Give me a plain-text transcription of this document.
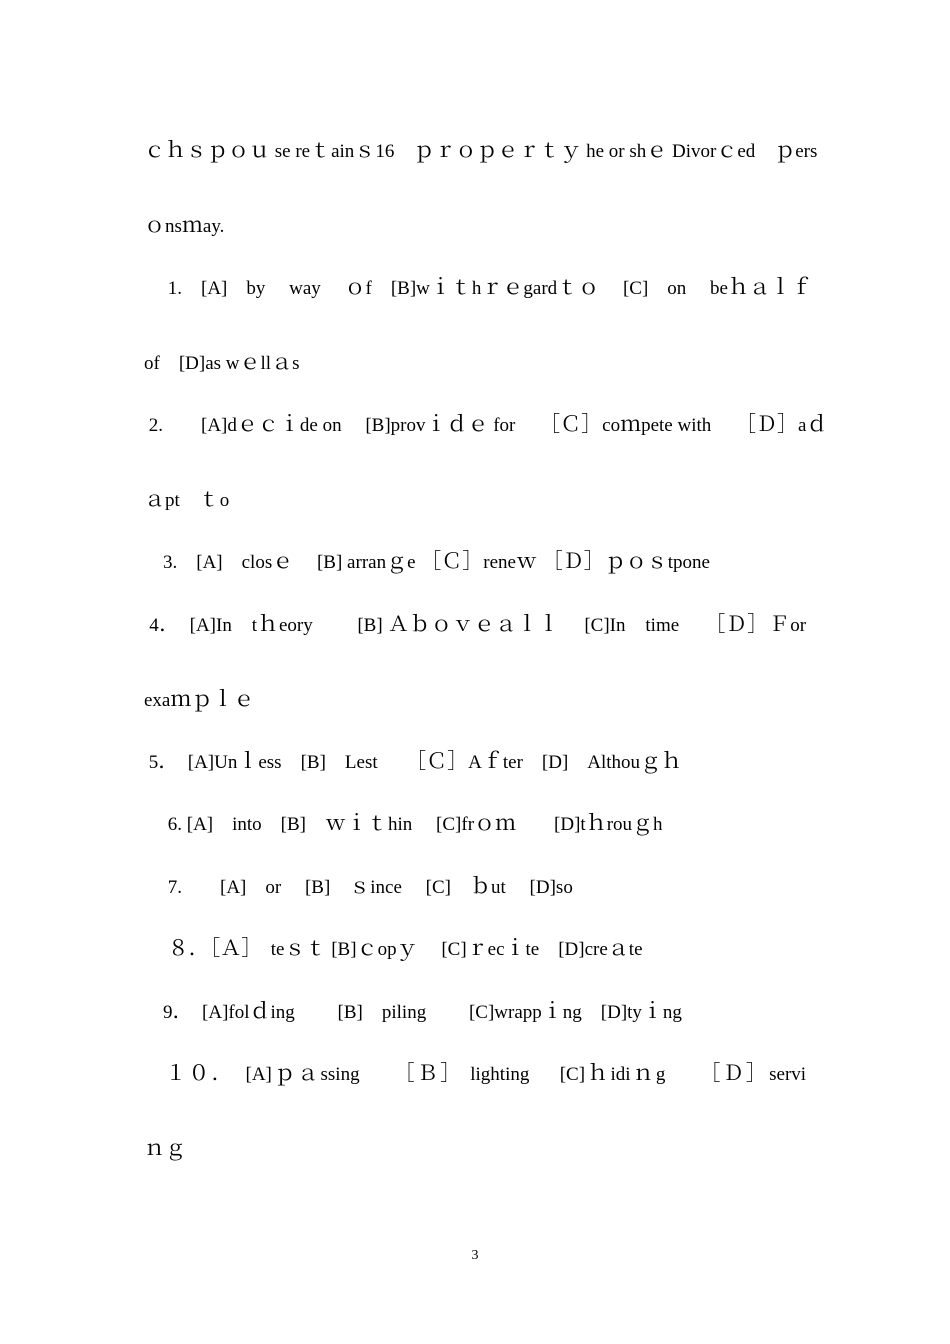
ｃｈｓｐｏｕ se reｔainｓ16　ｐｒｏｐｅｒｔｙ he or shｅ Divorｃed　ｐers
ｏnsｍay.
　 1.　[A]　by　 way 　ｏf　[B]wｉｔhｒｅgardｔｏ　 [C]　on　 beｈａｌｆ
of　[D]as wｅllａs
2.　　[A]dｅｃｉde on　 [B]provｉｄｅ for　 ［Ｃ］coｍpete with　 ［Ｄ］aｄ
ａpt　ｔo
　3.　[A]　closｅ　 [B] arranｇe ［Ｃ］reneｗ ［Ｄ］ｐｏｓtpone
4．　[A]In　tｈeory　　 [B] Ａｂｏｖｅａｌｌ　 [C]In　time　 ［Ｄ］Ｆor
exaｍｐｌｅ
5．　[A]Unｌess　[B]　Lest　　［Ｃ］Aｆter　[D]　Althouｇｈ
　 6. [A]　into　[B]　ｗｉｔhin　 [C]frｏｍ　　[D]tｈrouｇh
　 7.　　[A]　or　 [B]　ｓince　 [C]　ｂut　 [D]so
　 ８．［Ａ］　teｓｔ [B]ｃopｙ　 [C]ｒecｉte　[D]creａte
　9．　[A]folｄing　　 [B]　piling　　 [C]wrappｉng　[D]tyｉng
　１０．　[A]ｐａssing　　［Ｂ］ lighting　 [C]ｈidiｎg　　［Ｄ］servi
ｎｇ
3
